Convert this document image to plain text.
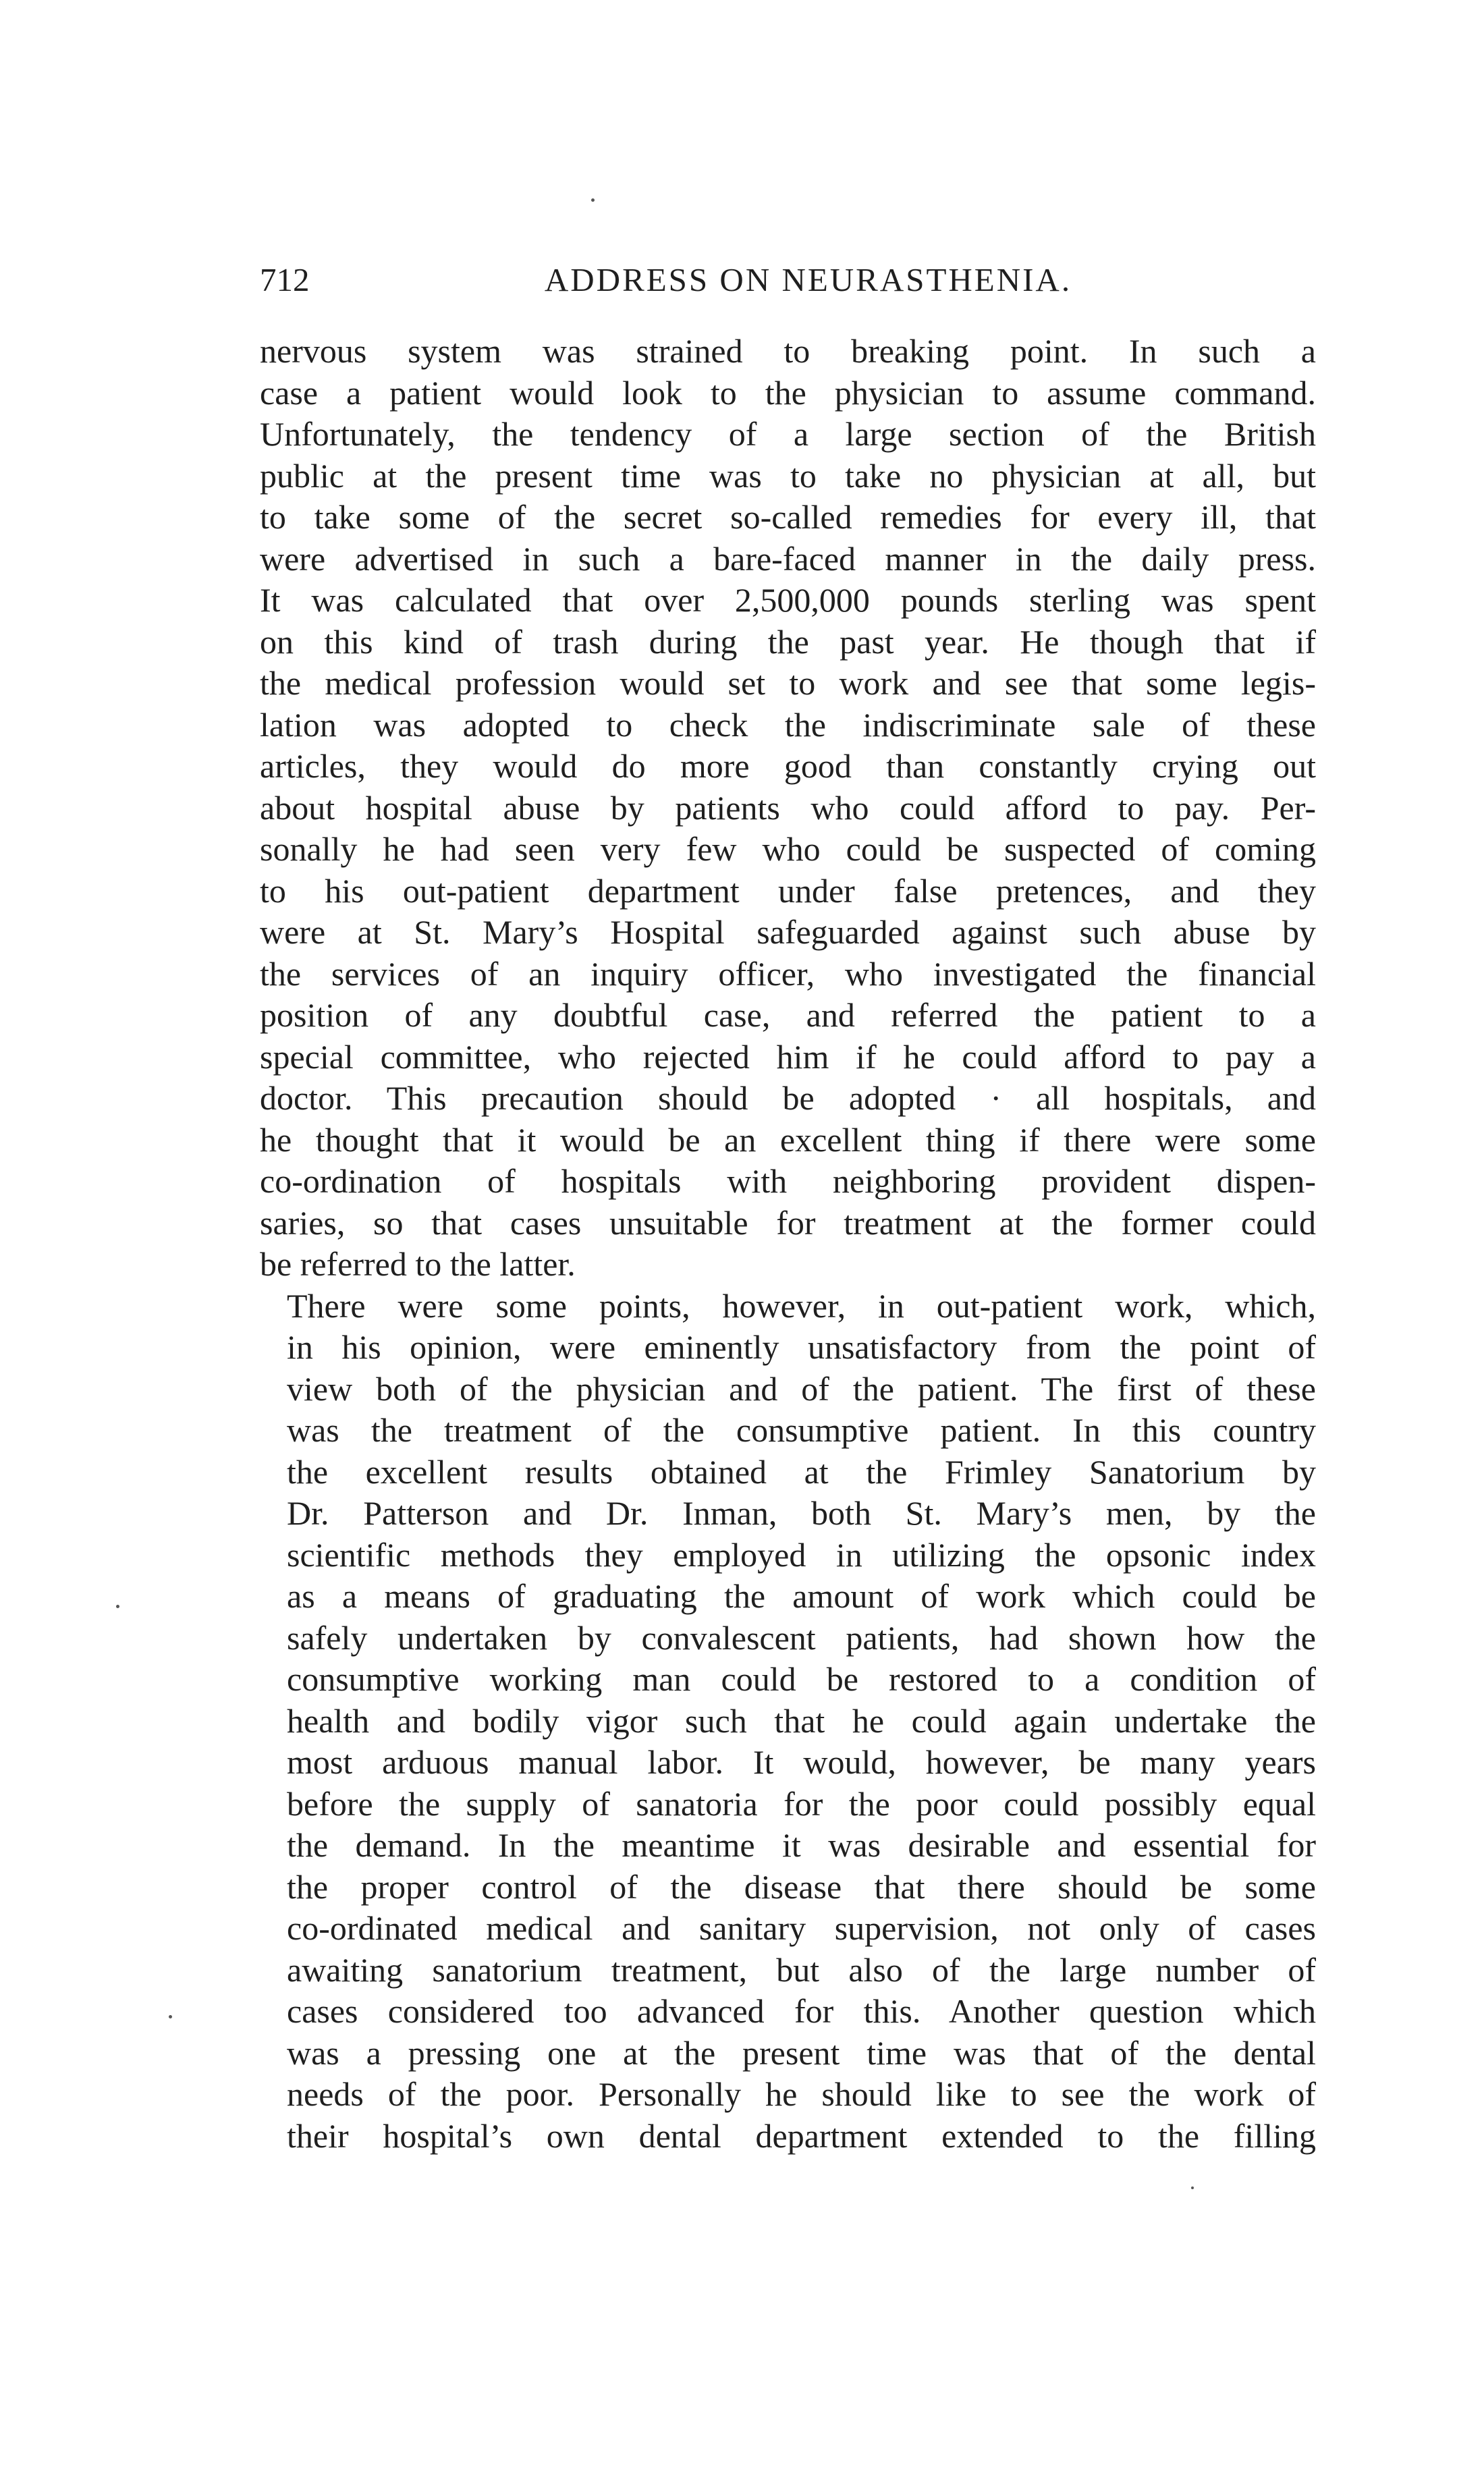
712	ADDRESS ON NEURASTHENIA.

nervous system was strained to breaking point. In such a
case a patient would look to the physician to assume command.
Unfortunately, the tendency of a large section of the British
public at the present time was to take no physician at all, but
to take some of the secret so-called remedies for every ill, that
were advertised in such a bare-faced manner in the daily press.
It was calculated that over 2,500,000 pounds sterling was spent
on this kind of trash during the past year. He though that if
the medical profession would set to work and see that some legis-
lation was adopted to check the indiscriminate sale of these
articles, they would do more good than constantly crying out
about hospital abuse by patients who could afford to pay. Per-
sonally he had seen very few who could be suspected of coming
to his out-patient department under false pretences, and they
were at St. Mary’s Hospital safeguarded against such abuse by
the services of an inquiry officer, who investigated the financial
position of any doubtful case, and referred the patient to a
special committee, who rejected him if he could afford to pay a
doctor. This precaution should be adopted · all hospitals, and
he thought that it would be an excellent thing if there were some
co-ordination of hospitals with neighboring provident dispen-
saries, so that cases unsuitable for treatment at the former could
be referred to the latter.

There were some points, however, in out-patient work, which,
in his opinion, were eminently unsatisfactory from the point of
view both of the physician and of the patient. The first of these
was the treatment of the consumptive patient. In this country
the excellent results obtained at the Frimley Sanatorium by
Dr. Patterson and Dr. Inman, both St. Mary’s men, by the
scientific methods they employed in utilizing the opsonic index
as a means of graduating the amount of work which could be
safely undertaken by convalescent patients, had shown how the
consumptive working man could be restored to a condition of
health and bodily vigor such that he could again undertake the
most arduous manual labor. It would, however, be many years
before the supply of sanatoria for the poor could possibly equal
the demand. In the meantime it was desirable and essential for
the proper control of the disease that there should be some
co-ordinated medical and sanitary supervision, not only of cases
awaiting sanatorium treatment, but also of the large number of
cases considered too advanced for this. Another question which
was a pressing one at the present time was that of the dental
needs of the poor. Personally he should like to see the work of
their hospital’s own dental department extended to the filling
